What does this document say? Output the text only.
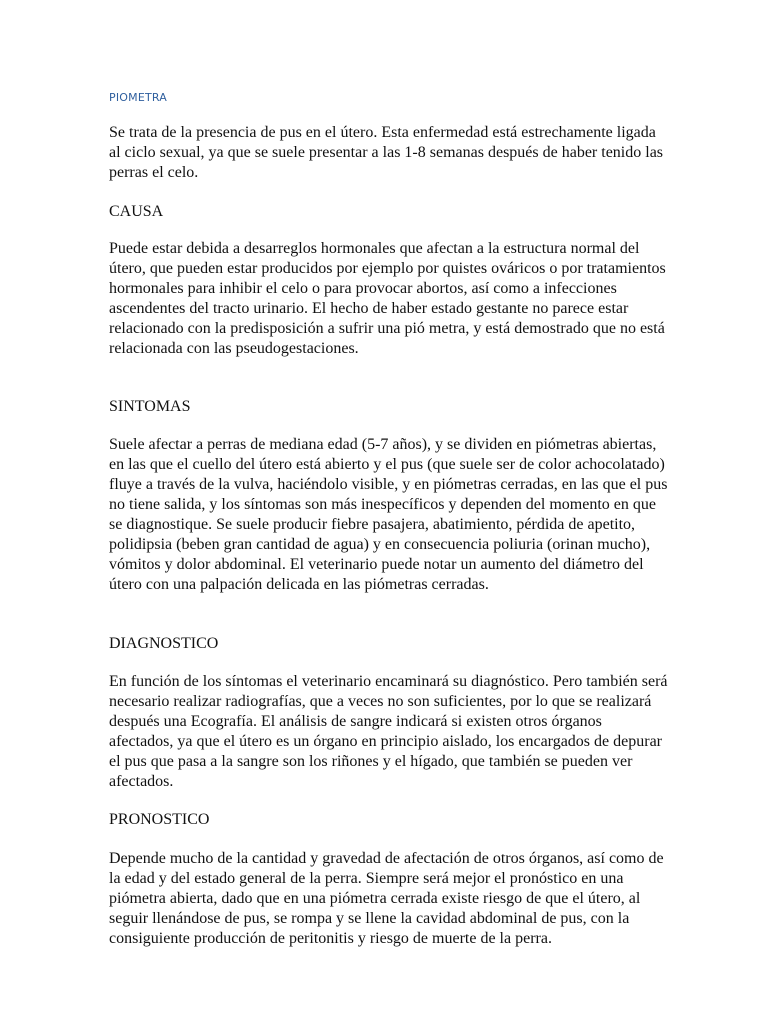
PIOMETRA

Se trata de la presencia de pus en el útero. Esta enfermedad está estrechamente ligada al ciclo sexual, ya que se suele presentar a las 1-8 semanas después de haber tenido las perras el celo.

CAUSA

Puede estar debida a desarreglos hormonales que afectan a la estructura normal del útero, que pueden estar producidos por ejemplo por quistes ováricos o por tratamientos hormonales para inhibir el celo o para provocar abortos, así como a infecciones ascendentes del tracto urinario. El hecho de haber estado gestante no parece estar relacionado con la predisposición a sufrir una pió metra, y está demostrado que no está relacionada con las pseudogestaciones.

SINTOMAS

Suele afectar a perras de mediana edad (5-7 años), y se dividen en piómetras abiertas, en las que el cuello del útero está abierto y el pus (que suele ser de color achocolatado) fluye a través de la vulva, haciéndolo visible, y en piómetras cerradas, en las que el pus no tiene salida, y los síntomas son más inespecíficos y dependen del momento en que se diagnostique. Se suele producir fiebre pasajera, abatimiento, pérdida de apetito, polidipsia (beben gran cantidad de agua) y en consecuencia poliuria (orinan mucho), vómitos y dolor abdominal. El veterinario puede notar un aumento del diámetro del útero con una palpación delicada en las piómetras cerradas.

DIAGNOSTICO

En función de los síntomas el veterinario encaminará su diagnóstico. Pero también será necesario realizar radiografías, que a veces no son suficientes, por lo que se realizará después una Ecografía. El análisis de sangre indicará si existen otros órganos afectados, ya que el útero es un órgano en principio aislado, los encargados de depurar el pus que pasa a la sangre son los riñones y el hígado, que también se pueden ver afectados.

PRONOSTICO

Depende mucho de la cantidad y gravedad de afectación de otros órganos, así como de la edad y del estado general de la perra. Siempre será mejor el pronóstico en una piómetra abierta, dado que en una piómetra cerrada existe riesgo de que el útero, al seguir llenándose de pus, se rompa y se llene la cavidad abdominal de pus, con la consiguiente producción de peritonitis y riesgo de muerte de la perra.
